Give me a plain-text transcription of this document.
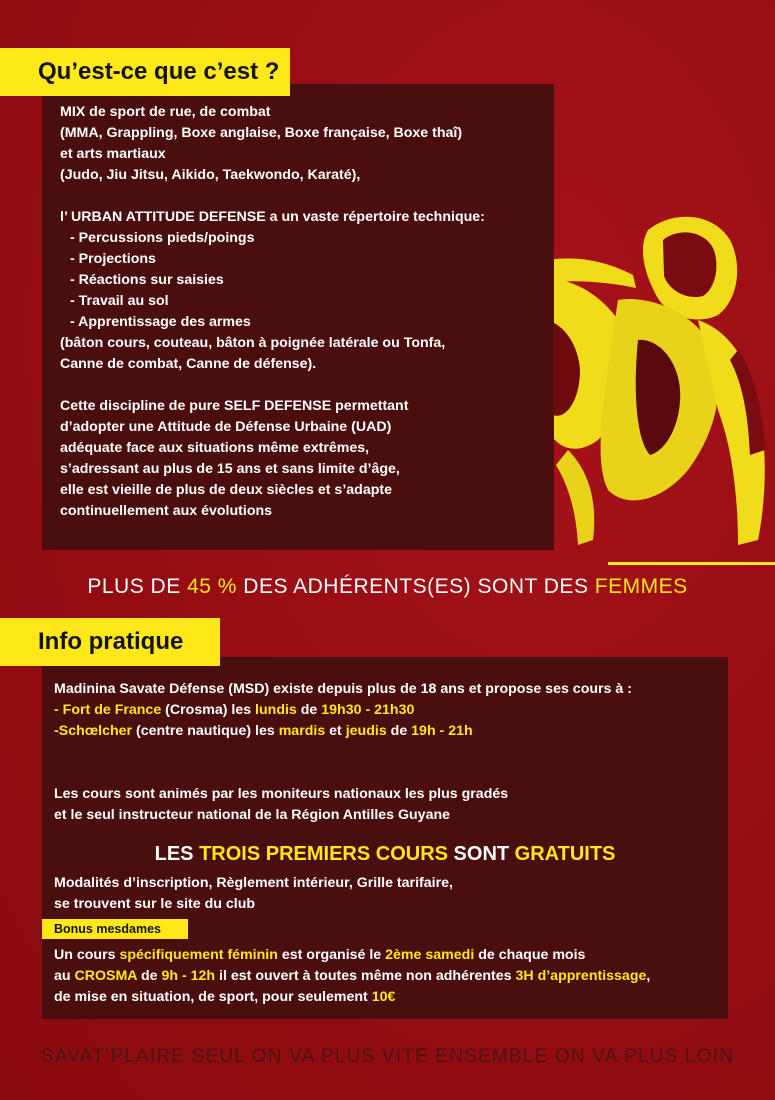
MIX de sport de rue, de combat
(MMA, Grappling, Boxe anglaise, Boxe française, Boxe thaî)
et arts martiaux
(Judo, Jiu Jitsu, Aikido, Taekwondo, Karaté),
l’ URBAN ATTITUDE DEFENSE a un vaste répertoire technique:
- Percussions pieds/poings
- Projections
- Réactions sur saisies
- Travail au sol
- Apprentissage des armes
(bâton cours, couteau, bâton à poignée latérale ou Tonfa,
Canne de combat, Canne de défense).
Cette discipline de pure SELF DEFENSE permettant
d’adopter une Attitude de Défense Urbaine (UAD)
adéquate face aux situations même extrêmes,
s’adressant au plus de 15 ans et sans limite d’âge,
elle est vieille de plus de deux siècles et s’adapte
continuellement aux évolutions
Qu’est-ce que c’est ?
PLUS DE 45 % DES ADHÉRENTS(ES) SONT DES FEMMES
Madinina Savate Défense (MSD) existe depuis plus de 18 ans et propose ses cours à :
- Fort de France (Crosma) les lundis de 19h30 - 21h30
-Schœlcher (centre nautique) les mardis et jeudis de 19h - 21h
Les cours sont animés par les moniteurs nationaux les plus gradés
et le seul instructeur national de la Région Antilles Guyane
LES TROIS PREMIERS COURS SONT GRATUITS
Modalités d’inscription, Règlement intérieur, Grille tarifaire,
se trouvent sur le site du club
Un cours spécifiquement féminin est organisé le 2ème samedi de chaque mois
au CROSMA de 9h - 12h il est ouvert à toutes même non adhérentes 3H d’apprentissage,
de mise en situation, de sport, pour seulement 10€
Info pratique
Bonus mesdames
SAVAT’PLAIRE SEUL ON VA PLUS VITE ENSEMBLE ON VA PLUS LOIN
